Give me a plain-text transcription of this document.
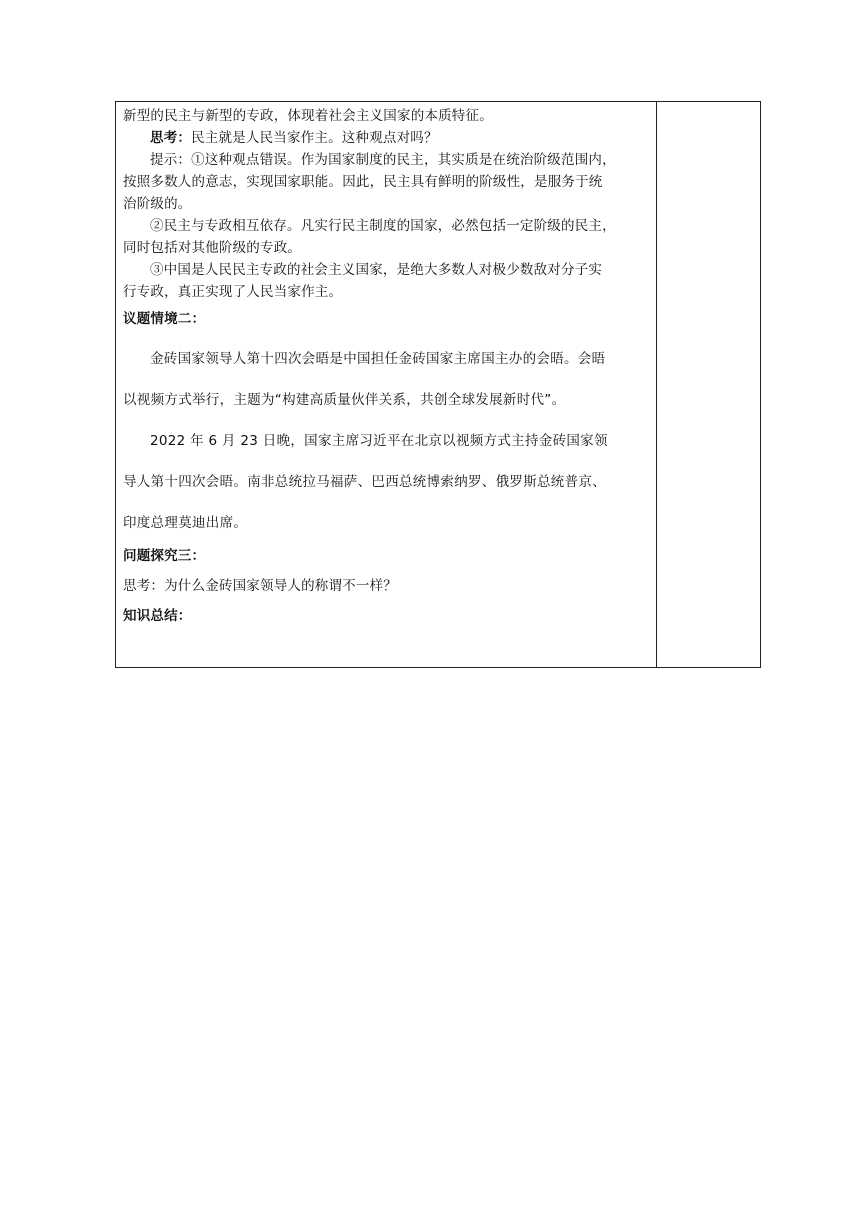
新型的民主与新型的专政，体现着社会主义国家的本质特征。
思考：民主就是人民当家作主。这种观点对吗？
提示：①这种观点错误。作为国家制度的民主，其实质是在统治阶级范围内，
按照多数人的意志，实现国家职能。因此，民主具有鲜明的阶级性，是服务于统
治阶级的。
②民主与专政相互依存。凡实行民主制度的国家，必然包括一定阶级的民主，
同时包括对其他阶级的专政。
③中国是人民民主专政的社会主义国家，是绝大多数人对极少数敌对分子实
行专政，真正实现了人民当家作主。
议题情境二：
金砖国家领导人第十四次会晤是中国担任金砖国家主席国主办的会晤。会晤
以视频方式举行，主题为“构建高质量伙伴关系，共创全球发展新时代”。
2022 年 6 月 23 日晚，国家主席习近平在北京以视频方式主持金砖国家领
导人第十四次会晤。南非总统拉马福萨、巴西总统博索纳罗、俄罗斯总统普京、
印度总理莫迪出席。
问题探究三：
思考：为什么金砖国家领导人的称谓不一样？
知识总结：
